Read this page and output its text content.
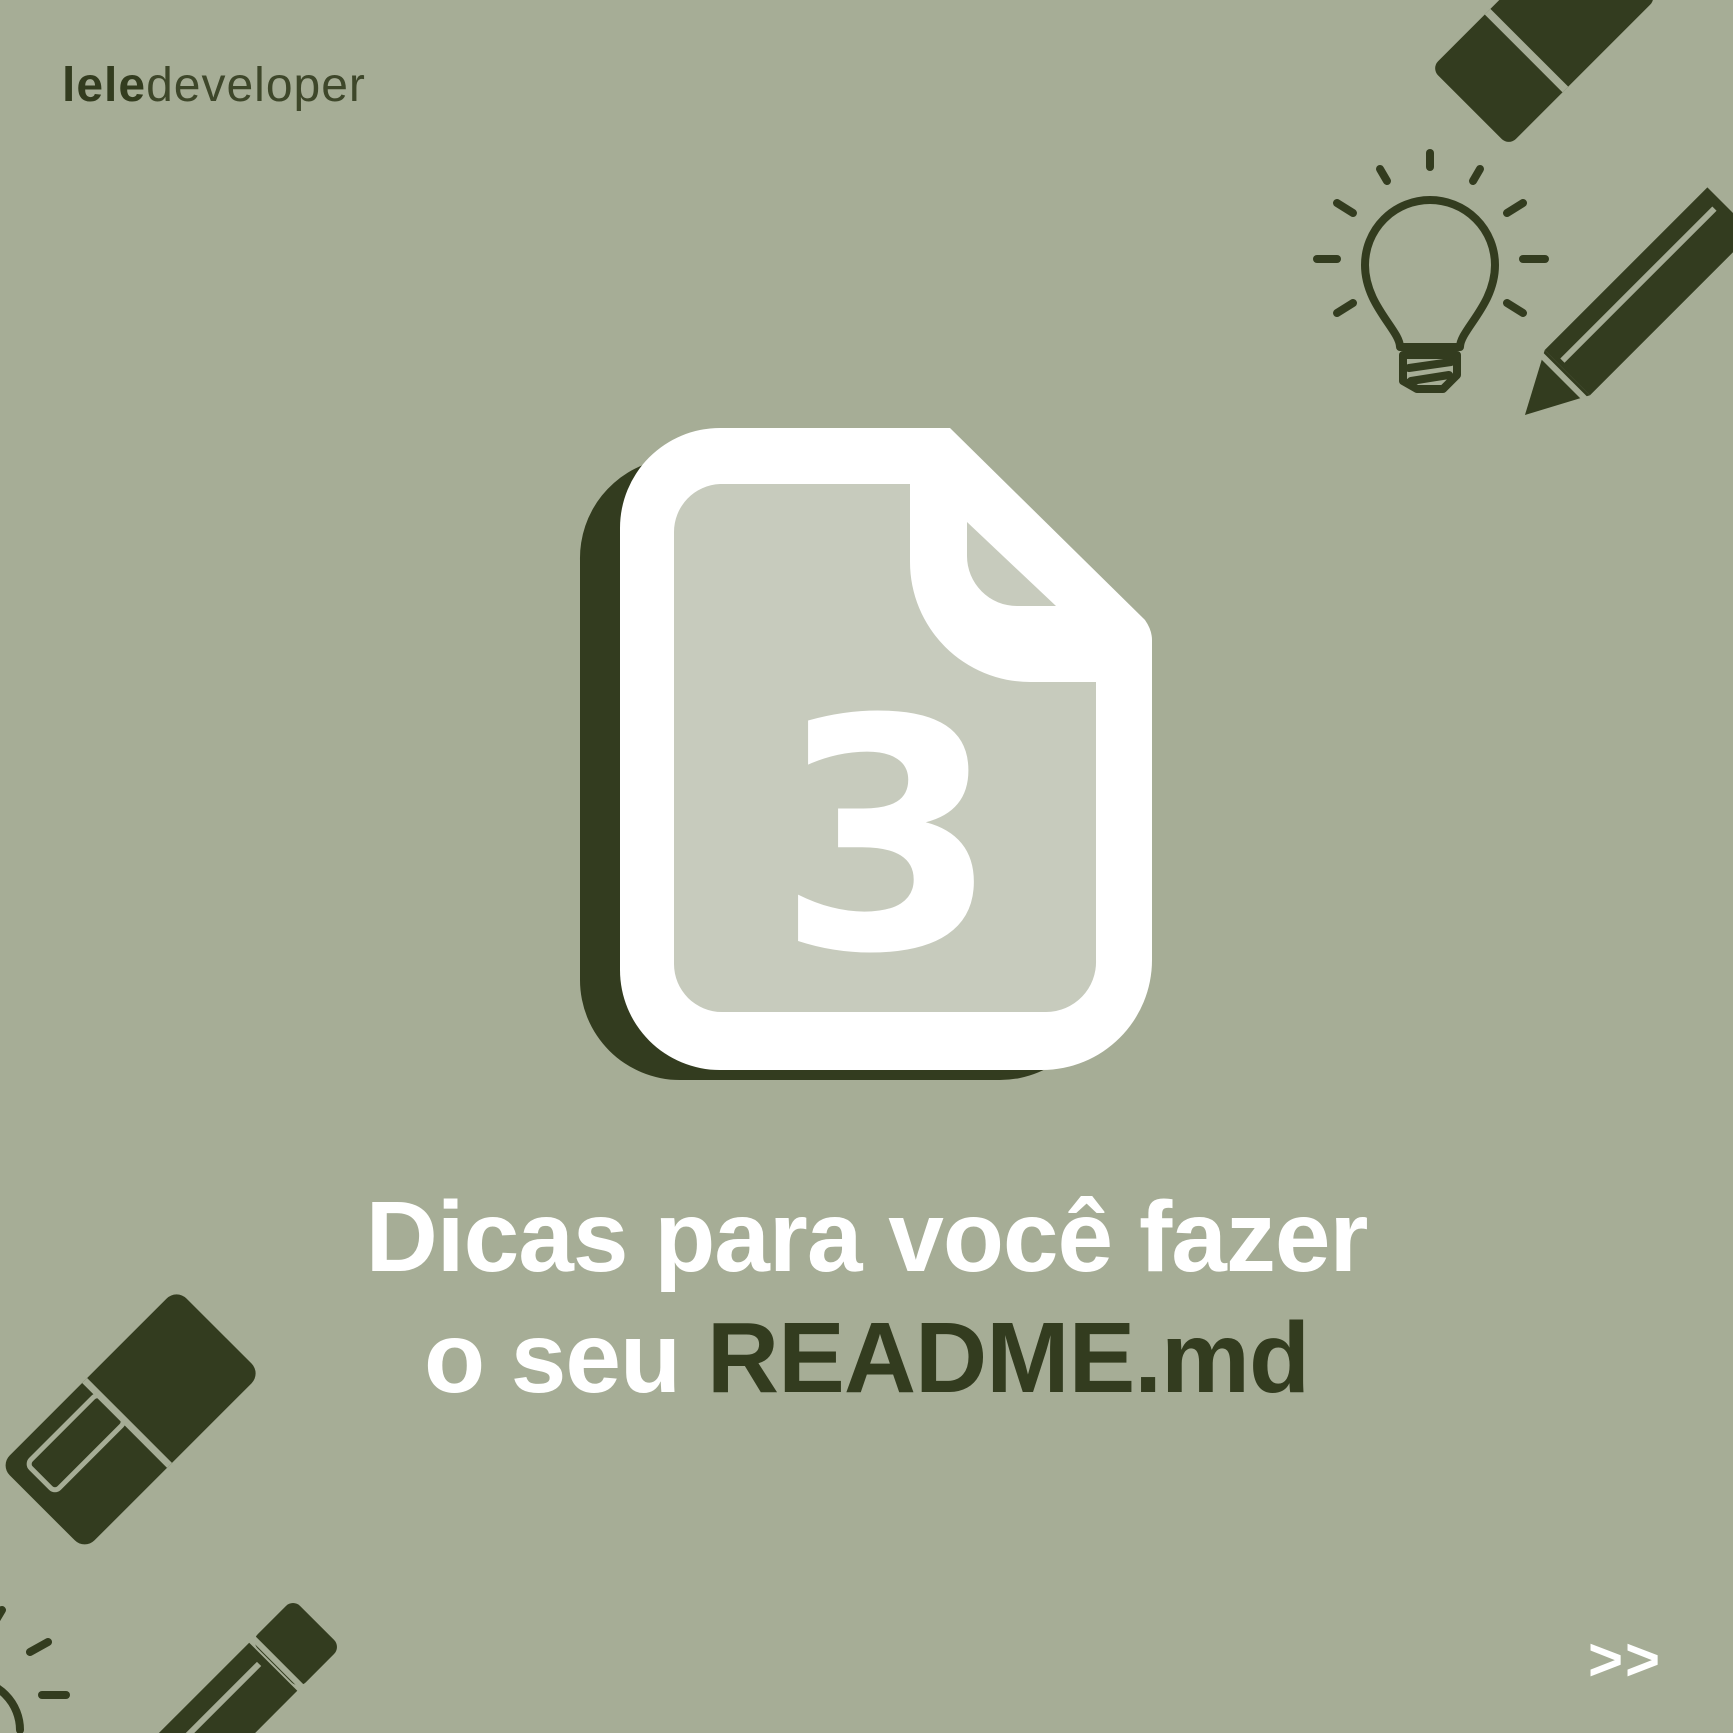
leledeveloper
3
Dicas para você fazer
o seu README.md
>>
